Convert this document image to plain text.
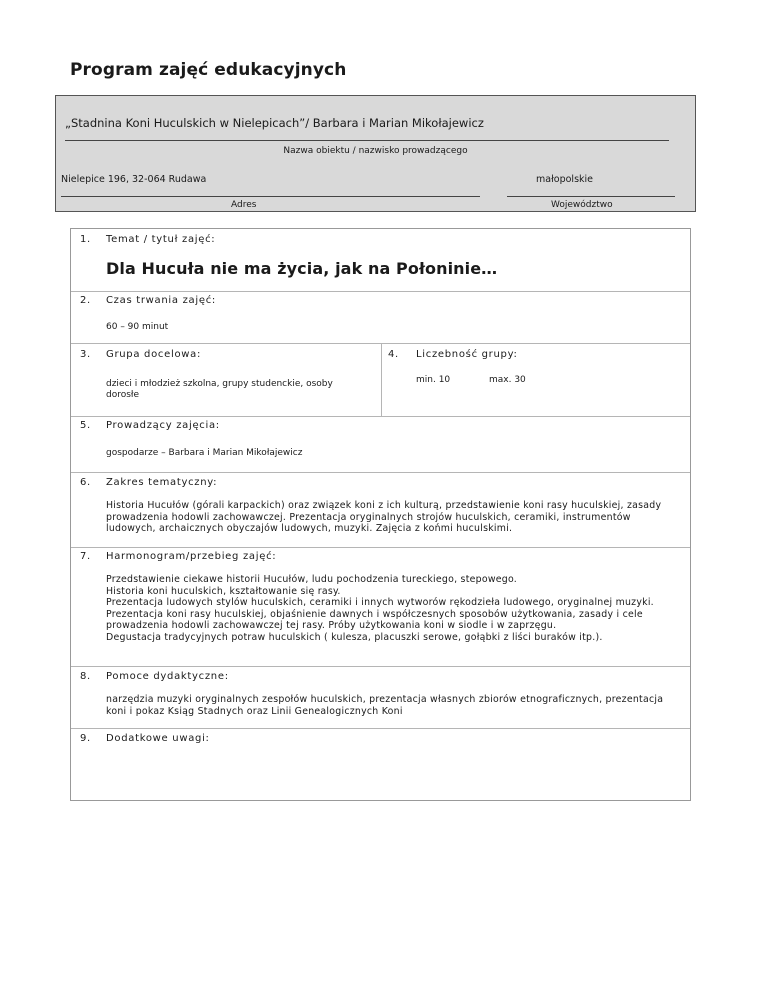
Program zajęć edukacyjnych
„Stadnina Koni Huculskich w Nielepicach”/ Barbara i Marian Mikołajewicz
Nazwa obiektu / nazwisko prowadzącego
Nielepice 196, 32-064 Rudawa	małopolskie
Adres	Województwo
1. Temat / tytuł zajęć:
Dla Hucuła nie ma życia, jak na Połoninie…
2. Czas trwania zajęć:
60 – 90 minut
3. Grupa docelowa:
dzieci i młodzież szkolna, grupy studenckie, osoby dorosłe
4. Liczebność grupy:
min. 10	max. 30
5. Prowadzący zajęcia:
gospodarze – Barbara i Marian Mikołajewicz
6. Zakres tematyczny:
Historia Hucułów (górali karpackich) oraz związek koni z ich kulturą, przedstawienie koni rasy huculskiej, zasady prowadzenia hodowli zachowawczej. Prezentacja oryginalnych strojów huculskich, ceramiki, instrumentów ludowych, archaicznych obyczajów ludowych, muzyki. Zajęcia z końmi huculskimi.
7. Harmonogram/przebieg zajęć:
Przedstawienie ciekawe historii Hucułów, ludu pochodzenia tureckiego, stepowego.
Historia koni huculskich, kształtowanie się rasy.
Prezentacja ludowych stylów huculskich, ceramiki i innych wytworów rękodzieła ludowego, oryginalnej muzyki.
Prezentacja koni rasy huculskiej, objaśnienie dawnych i współczesnych sposobów użytkowania, zasady i cele prowadzenia hodowli zachowawczej tej rasy. Próby użytkowania koni w siodle i w zaprzęgu.
Degustacja tradycyjnych potraw huculskich ( kulesza, placuszki serowe, gołąbki z liści buraków itp.).
8. Pomoce dydaktyczne:
narzędzia muzyki oryginalnych zespołów huculskich, prezentacja własnych zbiorów etnograficznych, prezentacja koni i pokaz Ksiąg Stadnych oraz Linii Genealogicznych Koni
9. Dodatkowe uwagi:
